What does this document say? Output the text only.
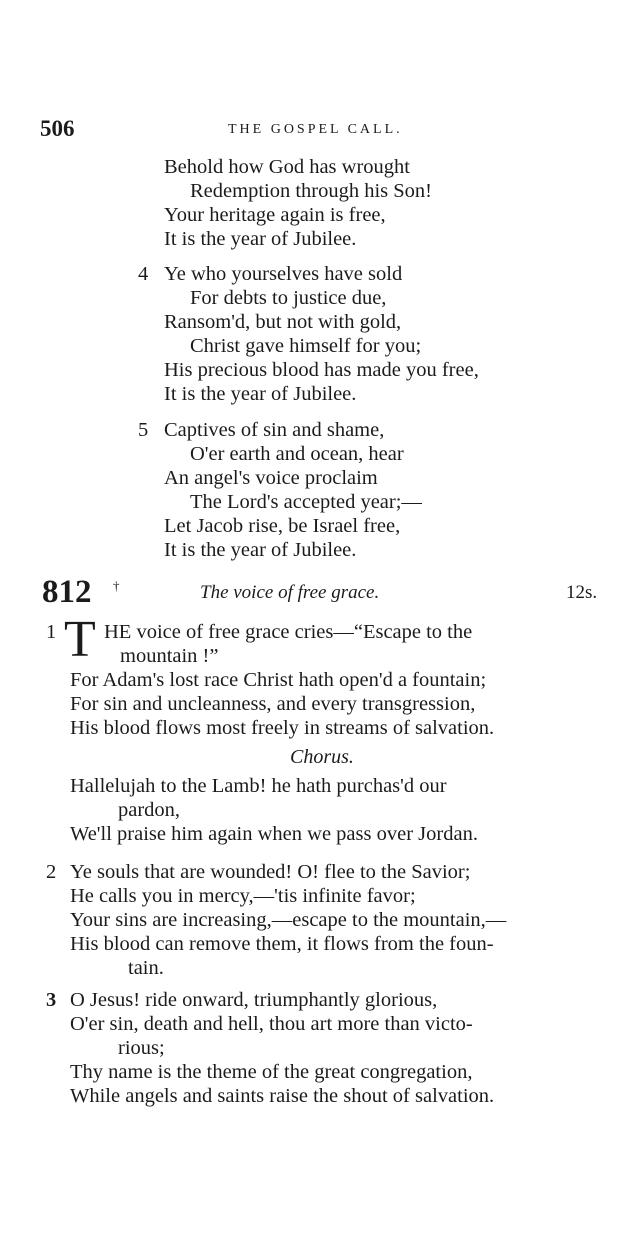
506	THE GOSPEL CALL.
Behold how God has wrought
Redemption through his Son!
Your heritage again is free,
It is the year of Jubilee.
4 Ye who yourselves have sold
For debts to justice due,
Ransom'd, but not with gold,
Christ gave himself for you;
His precious blood has made you free,
It is the year of Jubilee.
5 Captives of sin and shame,
O'er earth and ocean, hear
An angel's voice proclaim
The Lord's accepted year;—
Let Jacob rise, be Israel free,
It is the year of Jubilee.
812 †	The voice of free grace.	12s.
1 T HE voice of free grace cries—“Escape to the
mountain !”
For Adam's lost race Christ hath open'd a fountain;
For sin and uncleanness, and every transgression,
His blood flows most freely in streams of salvation.
Chorus.
Hallelujah to the Lamb! he hath purchas'd our
pardon,
We'll praise him again when we pass over Jordan.
2 Ye souls that are wounded! O! flee to the Savior;
He calls you in mercy,—'tis infinite favor;
Your sins are increasing,—escape to the mountain,—
His blood can remove them, it flows from the foun-
tain.
3 O Jesus! ride onward, triumphantly glorious,
O'er sin, death and hell, thou art more than victo-
rious;
Thy name is the theme of the great congregation,
While angels and saints raise the shout of salvation.
